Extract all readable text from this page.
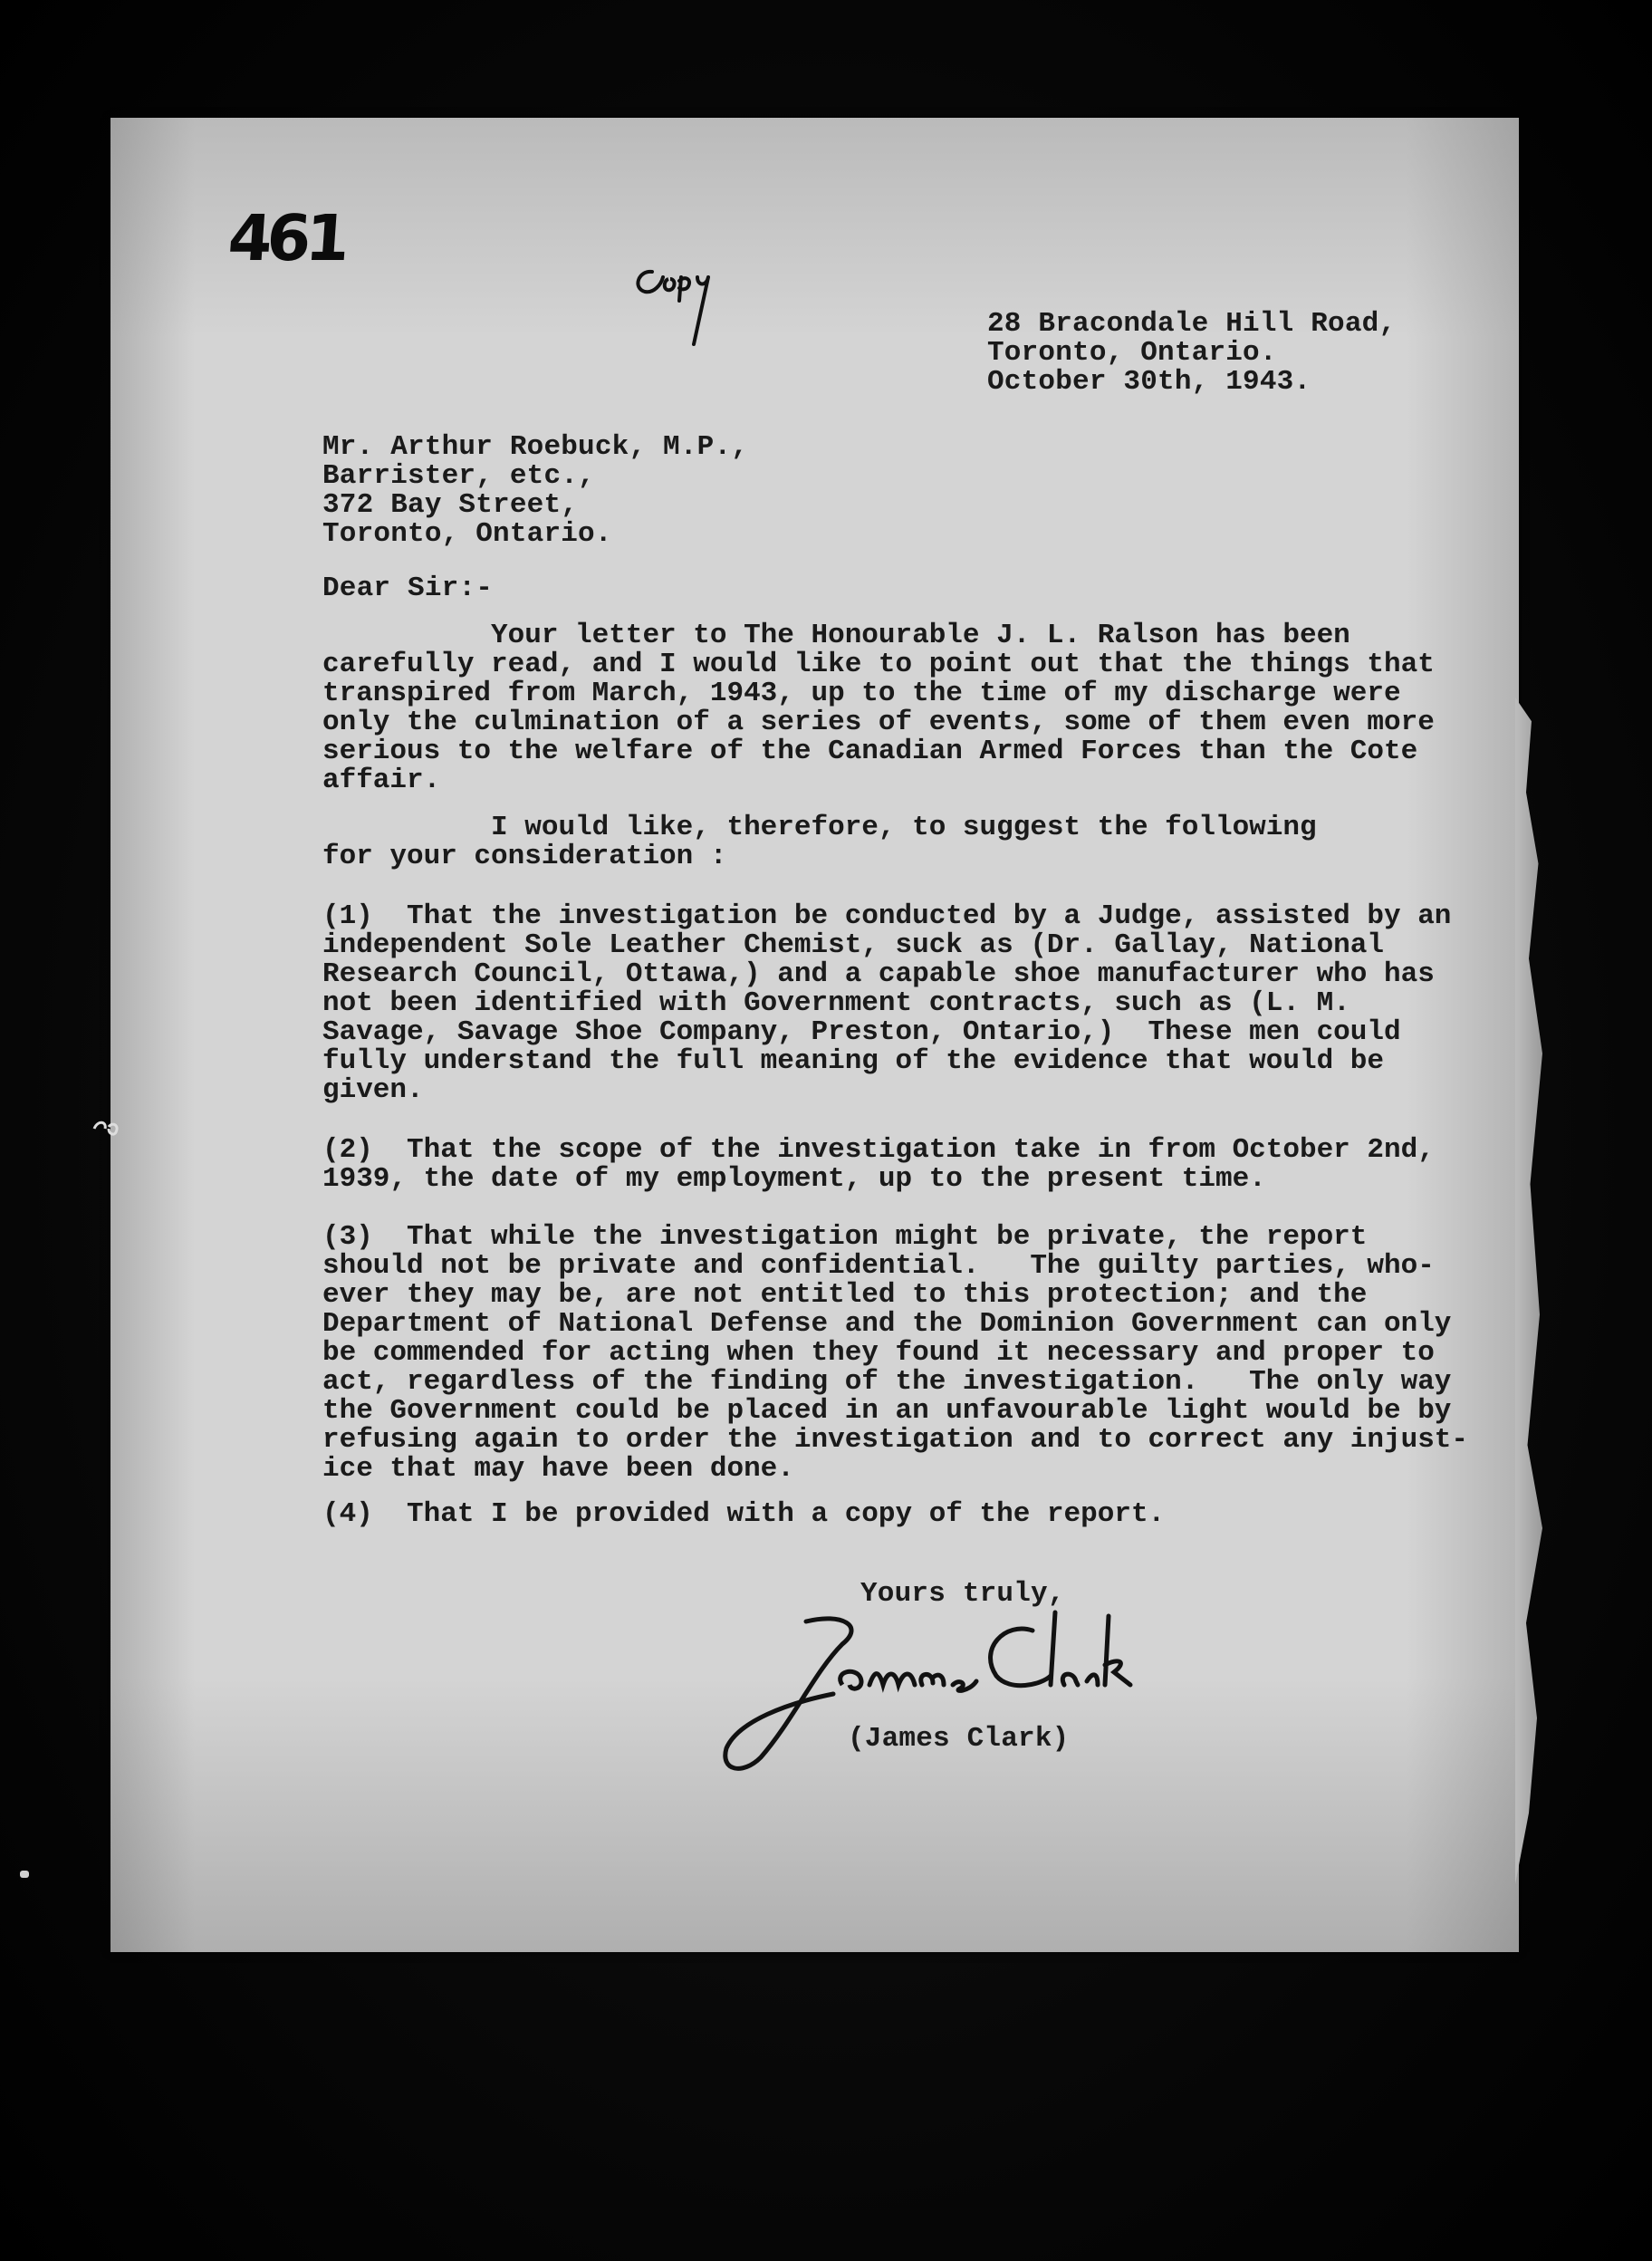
461
28 Bracondale Hill Road,
Toronto, Ontario.
October 30th, 1943.
Mr. Arthur Roebuck, M.P.,
Barrister, etc.,
372 Bay Street,
Toronto, Ontario.
Dear Sir:-
Your letter to The Honourable J. L. Ralson has been
carefully read, and I would like to point out that the things that
transpired from March, 1943, up to the time of my discharge were
only the culmination of a series of events, some of them even more
serious to the welfare of the Canadian Armed Forces than the Cote
affair.
I would like, therefore, to suggest the following
for your consideration :
(1)  That the investigation be conducted by a Judge, assisted by an
independent Sole Leather Chemist, suck as (Dr. Gallay, National
Research Council, Ottawa,) and a capable shoe manufacturer who has
not been identified with Government contracts, such as (L. M.
Savage, Savage Shoe Company, Preston, Ontario,)  These men could
fully understand the full meaning of the evidence that would be
given.
(2)  That the scope of the investigation take in from October 2nd,
1939, the date of my employment, up to the present time.
(3)  That while the investigation might be private, the report
should not be private and confidential.   The guilty parties, who-
ever they may be, are not entitled to this protection; and the
Department of National Defense and the Dominion Government can only
be commended for acting when they found it necessary and proper to
act, regardless of the finding of the investigation.   The only way
the Government could be placed in an unfavourable light would be by
refusing again to order the investigation and to correct any injust-
ice that may have been done.
(4)  That I be provided with a copy of the report.
Yours truly,
(James Clark)
